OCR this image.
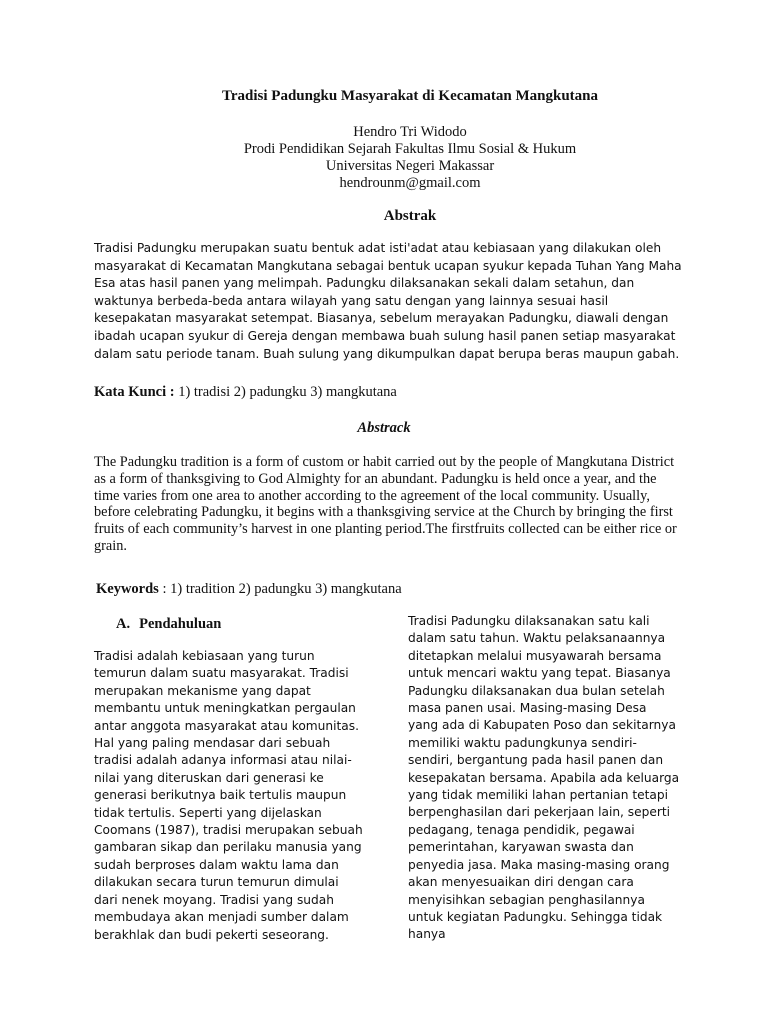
Tradisi Padungku Masyarakat di Kecamatan Mangkutana
Hendro Tri Widodo
Prodi Pendidikan Sejarah Fakultas Ilmu Sosial & Hukum
Universitas Negeri Makassar
hendrounm@gmail.com
Abstrak

Tradisi Padungku merupakan suatu bentuk adat isti'adat atau kebiasaan yang dilakukan oleh masyarakat di Kecamatan Mangkutana sebagai bentuk ucapan syukur kepada Tuhan Yang Maha Esa atas hasil panen yang melimpah. Padungku dilaksanakan sekali dalam setahun, dan waktunya berbeda-beda antara wilayah yang satu dengan yang lainnya sesuai hasil kesepakatan masyarakat setempat. Biasanya, sebelum merayakan Padungku, diawali dengan ibadah ucapan syukur di Gereja dengan membawa buah sulung hasil panen setiap masyarakat dalam satu periode tanam. Buah sulung yang dikumpulkan dapat berupa beras maupun gabah.

Kata Kunci : 1) tradisi 2) padungku 3) mangkutana
Abstrack

The Padungku tradition is a form of custom or habit carried out by the people of Mangkutana District as a form of thanksgiving to God Almighty for an abundant. Padungku is held once a year, and the time varies from one area to another according to the agreement of the local community. Usually, before celebrating Padungku, it begins with a thanksgiving service at the Church by bringing the first fruits of each community’s harvest in one planting period.The firstfruits collected can be either rice or grain.

Keywords : 1) tradition 2) padungku 3) mangkutana
A. Pendahuluan

Tradisi adalah kebiasaan yang turun temurun dalam suatu masyarakat. Tradisi merupakan mekanisme yang dapat membantu untuk meningkatkan pergaulan antar anggota masyarakat atau komunitas. Hal yang paling mendasar dari sebuah tradisi adalah adanya informasi atau nilai-nilai yang diteruskan dari generasi ke generasi berikutnya baik tertulis maupun tidak tertulis. Seperti yang dijelaskan Coomans (1987), tradisi merupakan sebuah gambaran sikap dan perilaku manusia yang sudah berproses dalam waktu lama dan dilakukan secara turun temurun dimulai dari nenek moyang. Tradisi yang sudah membudaya akan menjadi sumber dalam berakhlak dan budi pekerti seseorang.

Tradisi Padungku dilaksanakan satu kali dalam satu tahun. Waktu pelaksanaannya ditetapkan melalui musyawarah bersama untuk mencari waktu yang tepat. Biasanya Padungku dilaksanakan dua bulan setelah masa panen usai. Masing-masing Desa yang ada di Kabupaten Poso dan sekitarnya memiliki waktu padungkunya sendiri-sendiri, bergantung pada hasil panen dan kesepakatan bersama. Apabila ada keluarga yang tidak memiliki lahan pertanian tetapi berpenghasilan dari pekerjaan lain, seperti pedagang, tenaga pendidik, pegawai pemerintahan, karyawan swasta dan penyedia jasa. Maka masing-masing orang akan menyesuaikan diri dengan cara menyisihkan sebagian penghasilannya untuk kegiatan Padungku. Sehingga tidak hanya
